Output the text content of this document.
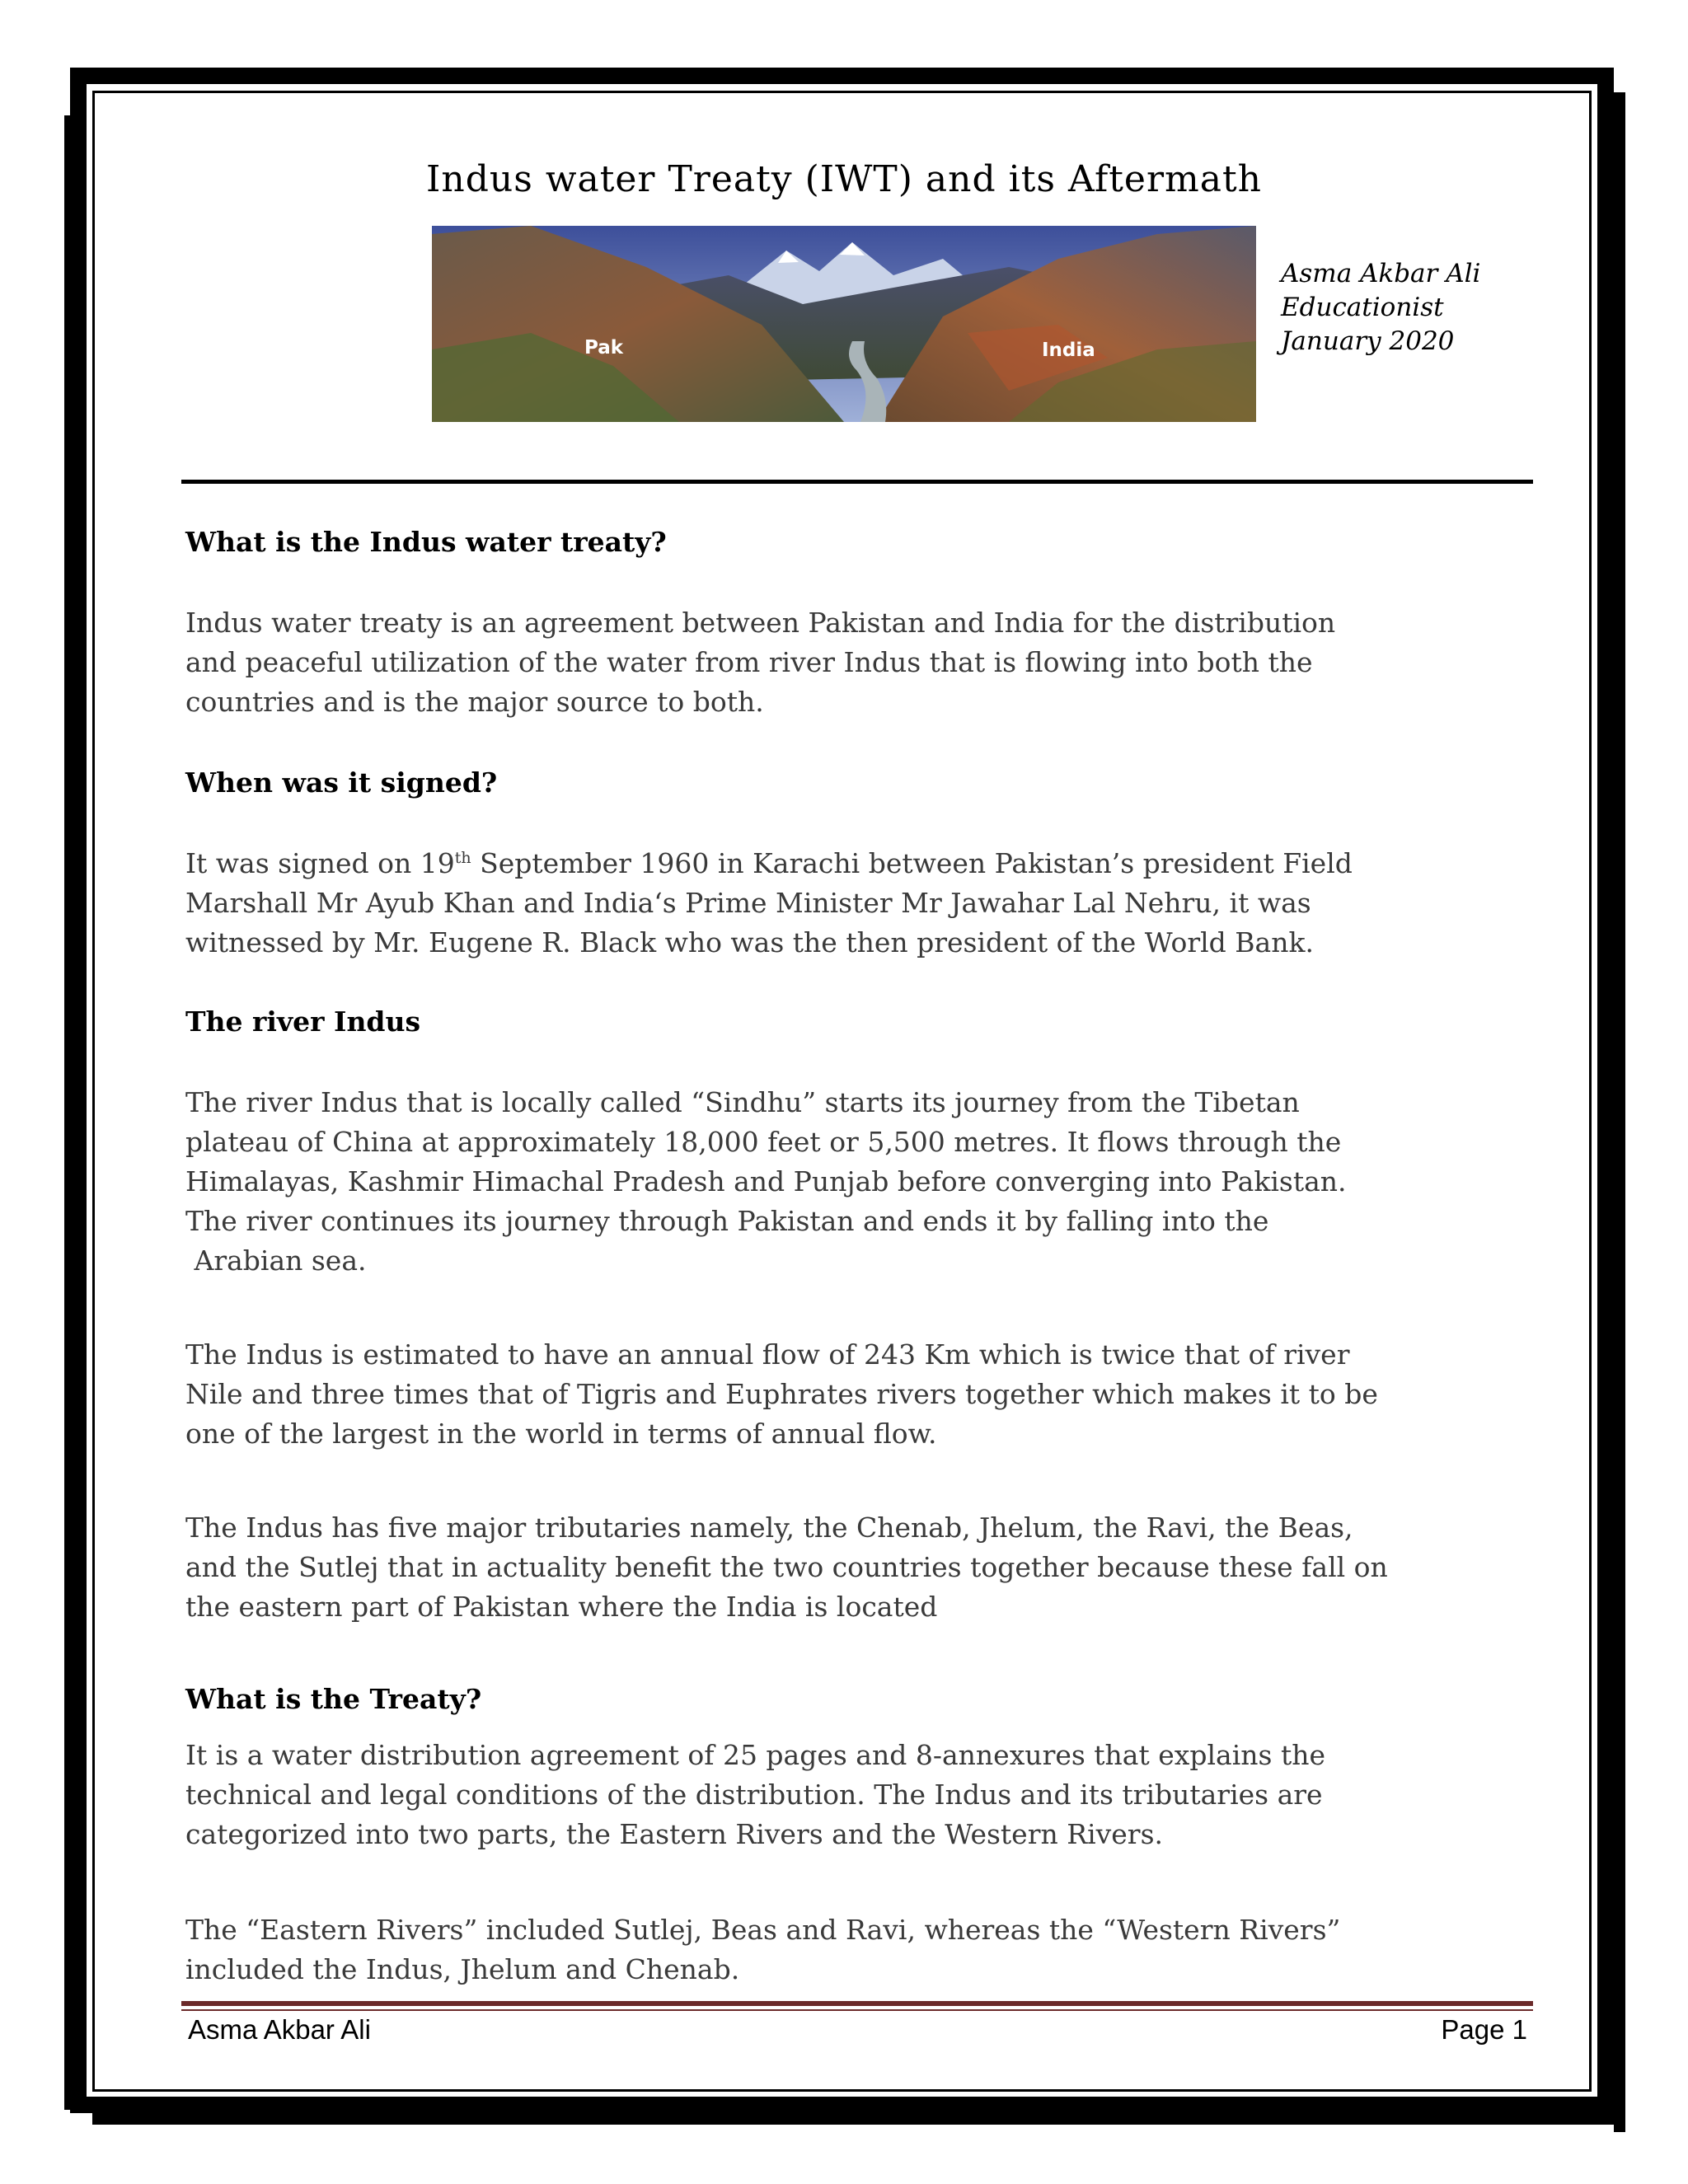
Indus water Treaty (IWT) and its Aftermath
Pak	India
Asma Akbar Ali
Educationist
January 2020
What is the Indus water treaty?
Indus water treaty is an agreement between Pakistan and India for the distribution
and peaceful utilization of the water from river Indus that is flowing into both the
countries and is the major source to both.
When was it signed?
It was signed on 19th September 1960 in Karachi between Pakistan’s president Field
Marshall Mr Ayub Khan and India‘s Prime Minister Mr Jawahar Lal Nehru, it was
witnessed by Mr. Eugene R. Black who was the then president of the World Bank.
The river Indus
The river Indus that is locally called “Sindhu” starts its journey from the Tibetan
plateau of China at approximately 18,000 feet or 5,500 metres. It flows through the
Himalayas, Kashmir Himachal Pradesh and Punjab before converging into Pakistan.
The river continues its journey through Pakistan and ends it by falling into the
Arabian sea.
The Indus is estimated to have an annual flow of 243 Km which is twice that of river
Nile and three times that of Tigris and Euphrates rivers together which makes it to be
one of the largest in the world in terms of annual flow.
The Indus has five major tributaries namely, the Chenab, Jhelum, the Ravi, the Beas,
and the Sutlej that in actuality benefit the two countries together because these fall on
the eastern part of Pakistan where the India is located
What is the Treaty?
It is a water distribution agreement of 25 pages and 8-annexures that explains the
technical and legal conditions of the distribution. The Indus and its tributaries are
categorized into two parts, the Eastern Rivers and the Western Rivers.
The “Eastern Rivers” included Sutlej, Beas and Ravi, whereas the “Western Rivers”
included the Indus, Jhelum and Chenab.
Asma Akbar Ali	Page 1
